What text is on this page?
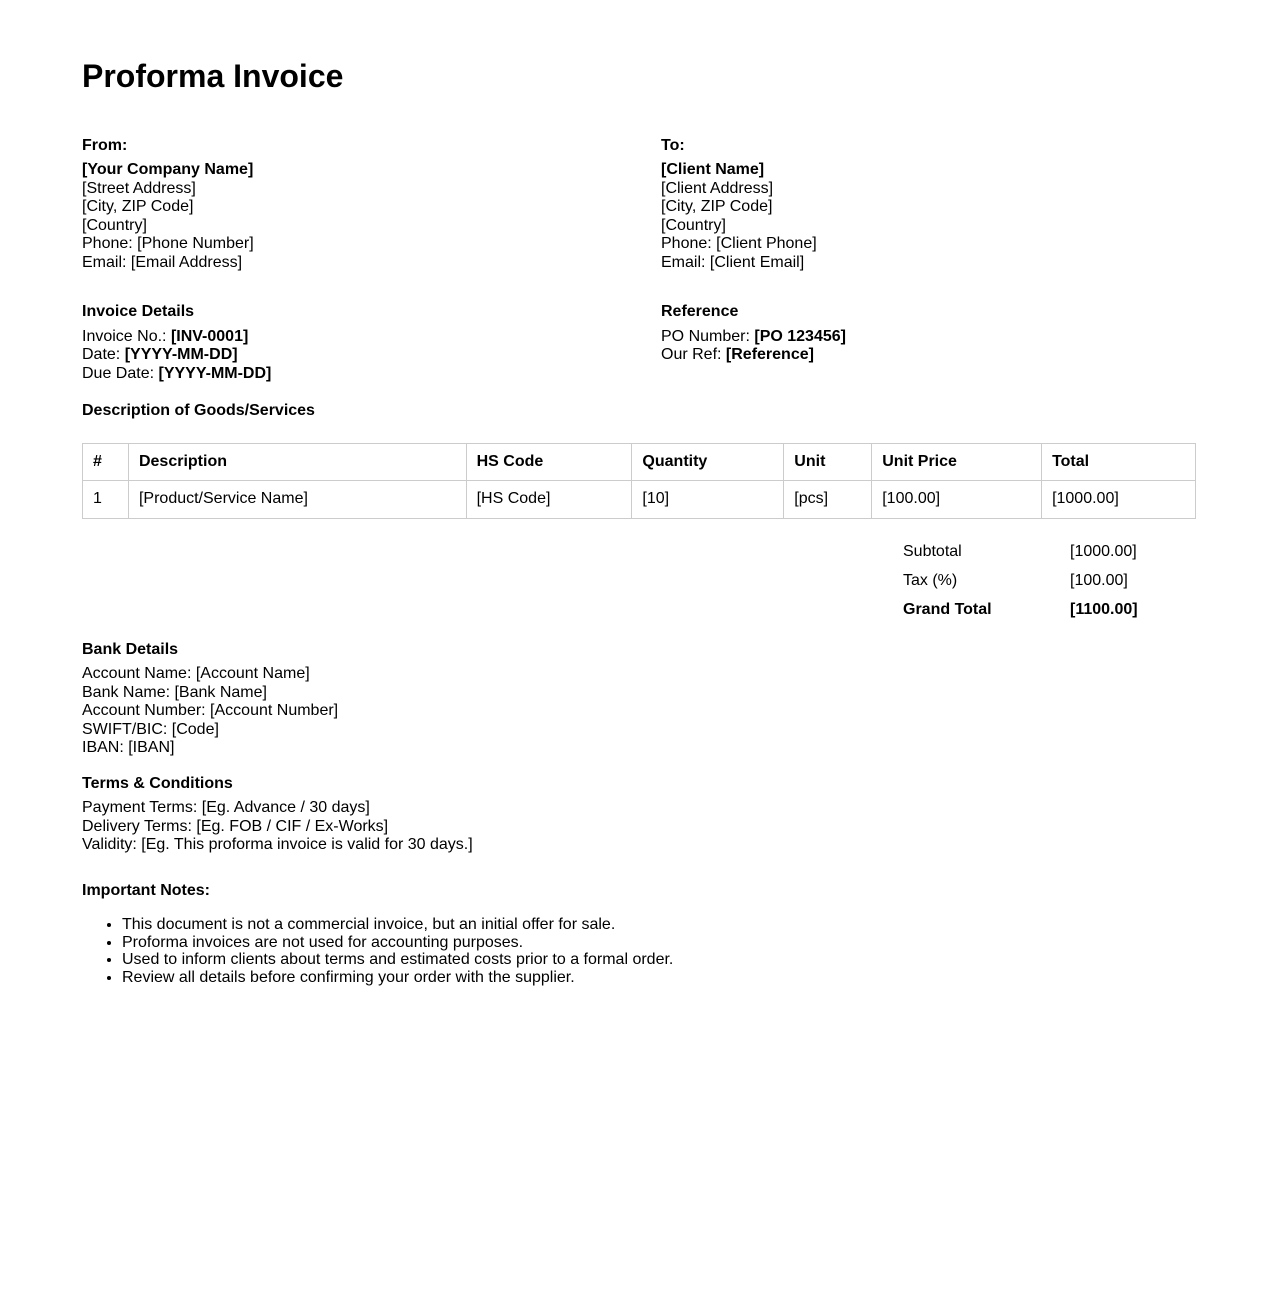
Proforma Invoice

From:

[Your Company Name]

[Street Address]

[City, ZIP Code]

[Country]

Phone: [Phone Number]

Email: [Email Address]

To:

[Client Name]

[Client Address]

[City, ZIP Code]

[Country]

Phone: [Client Phone]

Email: [Client Email]

Invoice Details

Invoice No.: [INV-0001]

Date: [YYYY-MM-DD]

Due Date: [YYYY-MM-DD]

Reference

PO Number: [PO 123456]

Our Ref: [Reference]

Description of Goods/Services

#	Description	HS Code	Quantity	Unit	Unit Price	Total
1	[Product/Service Name]	[HS Code]	[10]	[pcs]	[100.00]	[1000.00]
Subtotal	[1000.00]
Tax (%)	[100.00]
Grand Total	[1100.00]

Bank Details

Account Name: [Account Name]

Bank Name: [Bank Name]

Account Number: [Account Number]

SWIFT/BIC: [Code]

IBAN: [IBAN]

Terms & Conditions

Payment Terms: [Eg. Advance / 30 days]

Delivery Terms: [Eg. FOB / CIF / Ex-Works]

Validity: [Eg. This proforma invoice is valid for 30 days.]

Important Notes:

• This document is not a commercial invoice, but an initial offer for sale.
• Proforma invoices are not used for accounting purposes.
• Used to inform clients about terms and estimated costs prior to a formal order.
• Review all details before confirming your order with the supplier.
